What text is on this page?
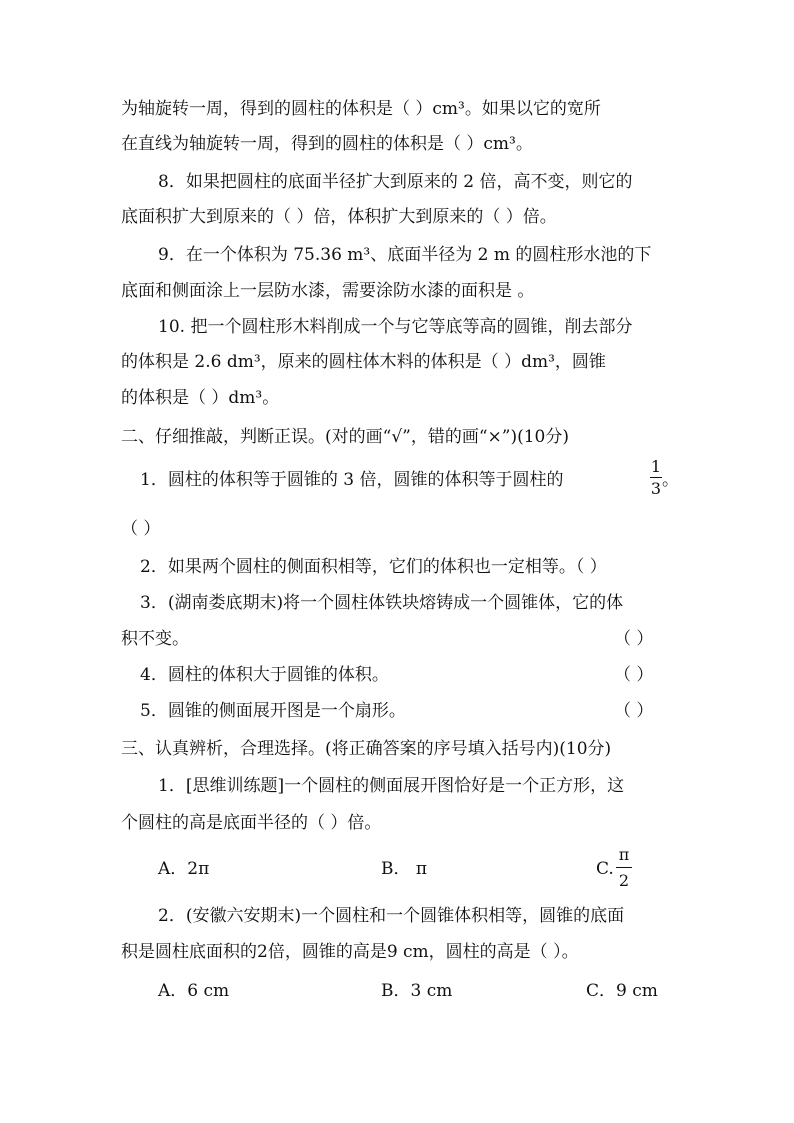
为轴旋转一周，得到的圆柱的体积是（ ）cm³。如果以它的宽所
在直线为轴旋转一周，得到的圆柱的体积是（ ）cm³。
8．如果把圆柱的底面半径扩大到原来的 2 倍，高不变，则它的
底面积扩大到原来的（ ）倍，体积扩大到原来的（ ）倍。
9．在一个体积为 75.36 m³、底面半径为 2 m 的圆柱形水池的下
底面和侧面涂上一层防水漆，需要涂防水漆的面积是 。
10. 把一个圆柱形木料削成一个与它等底等高的圆锥，削去部分
的体积是 2.6 dm³，原来的圆柱体木料的体积是（ ）dm³，圆锥
的体积是（ ）dm³。
二、仔细推敲，判断正误。(对的画“√”，错的画“×”)(10分)
1．圆柱的体积等于圆锥的 3 倍，圆锥的体积等于圆柱的
1
3 。
（ ）
2．如果两个圆柱的侧面积相等，它们的体积也一定相等。（ ）
3．(湖南娄底期末)将一个圆柱体铁块熔铸成一个圆锥体，它的体
积不变。	（ ）
4．圆柱的体积大于圆锥的体积。	（ ）
5．圆锥的侧面展开图是一个扇形。	（ ）
三、认真辨析，合理选择。(将正确答案的序号填入括号内)(10分)
1．[思维训练题]一个圆柱的侧面展开图恰好是一个正方形，这
个圆柱的高是底面半径的（ ）倍。
A．2π	B． π	C.
π
2
2．(安徽六安期末)一个圆柱和一个圆锥体积相等，圆锥的底面
积是圆柱底面积的2倍，圆锥的高是9 cm，圆柱的高是（ ）。
A．6 cm	B．3 cm	C．9 cm
